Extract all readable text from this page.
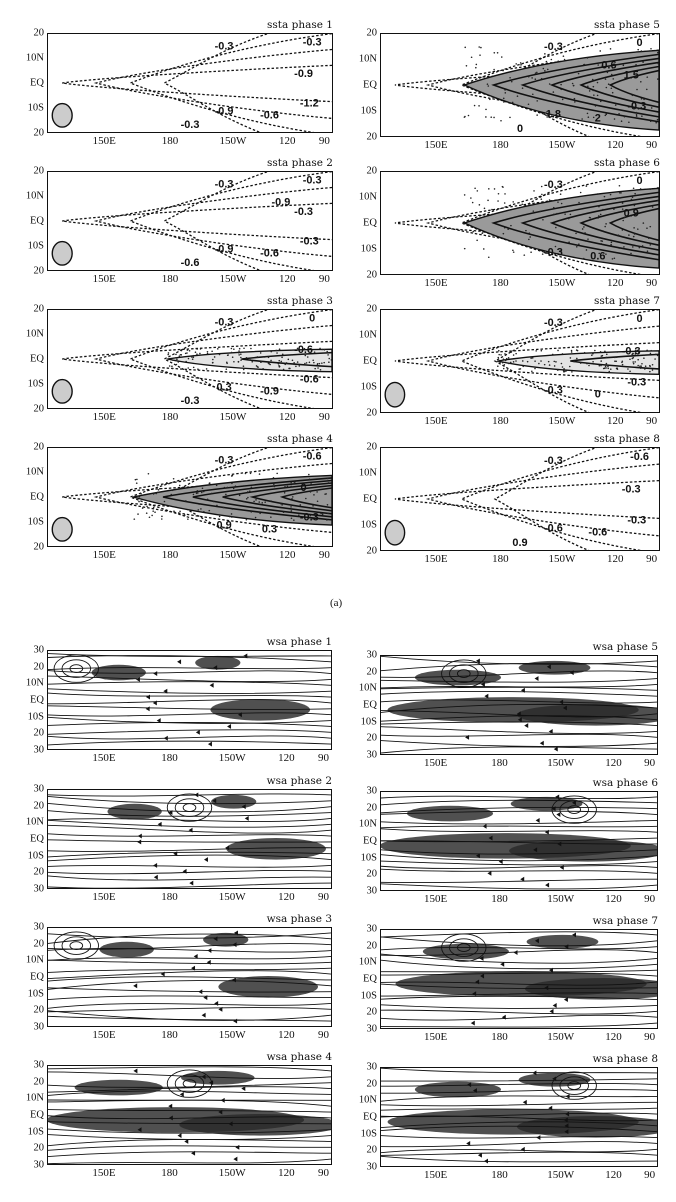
ssta phase 1
-0.3	-0.3
-0.9
-0.9 -0.6
-1.2
-0.3
20
10N
EQ
10S
20
150E	180	150W	120 90
ssta phase 5
-0.3	0
1.5
1.8	2
-0.3
0
0.6
20
10N
EQ
10S
20
150E	180	150W	120 90
ssta phase 2
-0.3	-0.3
-0.3
-0.9 -0.6
-0.3
-0.6
-0.9
20
10N
EQ
10S
20
150E	180	150W	120 90
ssta phase 6
-0.3	0
0.9
-0.3 0.6
20
10N
EQ
10S
20
150E	180	150W	120 90
ssta phase 3
-0.3	0
-0.6
0.3	-0.9
-0.6
-0.3
20
10N
EQ
10S
20
150E	180	150W	120 90
ssta phase 7
-0.3	0
-0.3
-0.3	0
-0.3
20
10N
EQ
10S
20
150E	180	150W	120 90
ssta phase 4
-0.3	-0.6
0
0.9	0.3
-0.3
20
10N
EQ
10S
20
150E	180	150W	120 90
ssta phase 8
-0.3	-0.6
-0.3
-0.6 -0.6
-0.3
0.9
20
10N
EQ
10S
20
150E	180	150W	120 90
wsa phase 1
30
20
10N
EQ
10S
20
30
150E	180	150W	120 90
wsa phase 5
30
20
10N
EQ
10S
20
30
150E	180	150W	120 90
wsa phase 2
30
20
10N
EQ
10S
20
30
150E	180	150W	120 90
wsa phase 6
30
20
10N
EQ
10S
20
30
150E	180	150W	120 90
wsa phase 3
30
20
10N
EQ
10S
20
30
150E	180	150W	120 90
wsa phase 7
30
20
10N
EQ
10S
20
30
150E	180	150W	120 90
wsa phase 4
30
20
10N
EQ
10S
20
30
150E	180	150W	120 90
wsa phase 8
30
20
10N
EQ
10S
20
30
150E	180	150W	120 90
(a)
